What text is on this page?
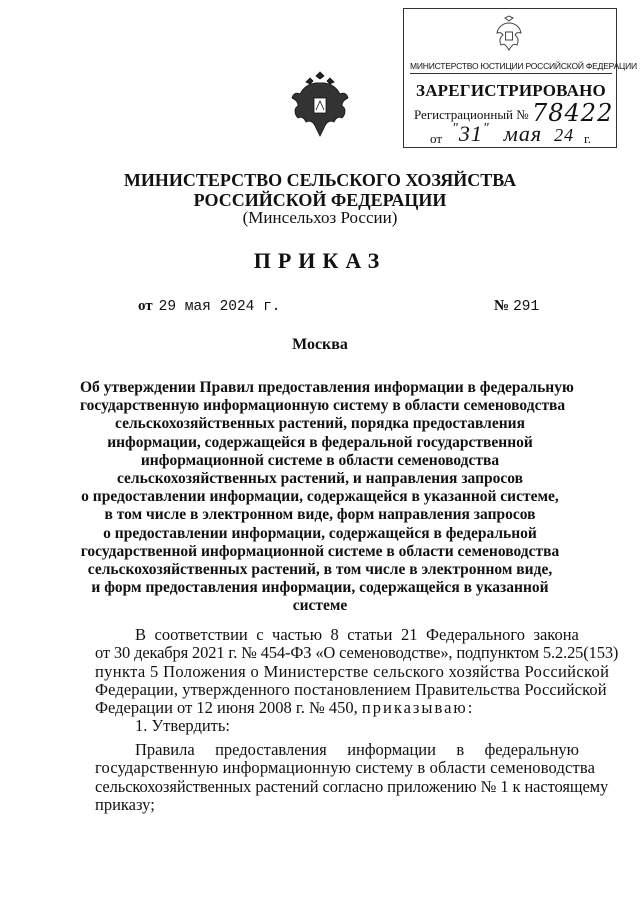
МИНИСТЕРСТВО ЮСТИЦИИ РОССИЙСКОЙ ФЕДЕРАЦИИ
ЗАРЕГИСТРИРОВАНО
Регистрационный № 78422
от
"31" мая 24 г.
МИНИСТЕРСТВО СЕЛЬСКОГО ХОЗЯЙСТВА
РОССИЙСКОЙ ФЕДЕРАЦИИ
(Минсельхоз России)
ПРИКАЗ
от 29 мая 2024 г.	№ 291
Москва
Об утверждении Правил предоставления информации в федеральную
государственную информационную систему в области семеноводства
сельскохозяйственных растений, порядка предоставления
информации, содержащейся в федеральной государственной
информационной системе в области семеноводства
сельскохозяйственных растений, и направления запросов
о предоставлении информации, содержащейся в указанной системе,
в том числе в электронном виде, форм направления запросов
о предоставлении информации, содержащейся в федеральной
государственной информационной системе в области семеноводства
сельскохозяйственных растений, в том числе в электронном виде,
и форм предоставления информации, содержащейся в указанной
системе
В соответствии с частью 8 статьи 21 Федерального закона
от 30 декабря 2021 г. № 454-ФЗ «О семеноводстве», подпунктом 5.2.25(153)
пункта 5 Положения о Министерстве сельского хозяйства Российской
Федерации, утвержденного постановлением Правительства Российской
Федерации от 12 июня 2008 г. № 450, приказываю:
1. Утвердить:
Правила предоставления информации в федеральную
государственную информационную систему в области семеноводства
сельскохозяйственных растений согласно приложению № 1 к настоящему
приказу;
